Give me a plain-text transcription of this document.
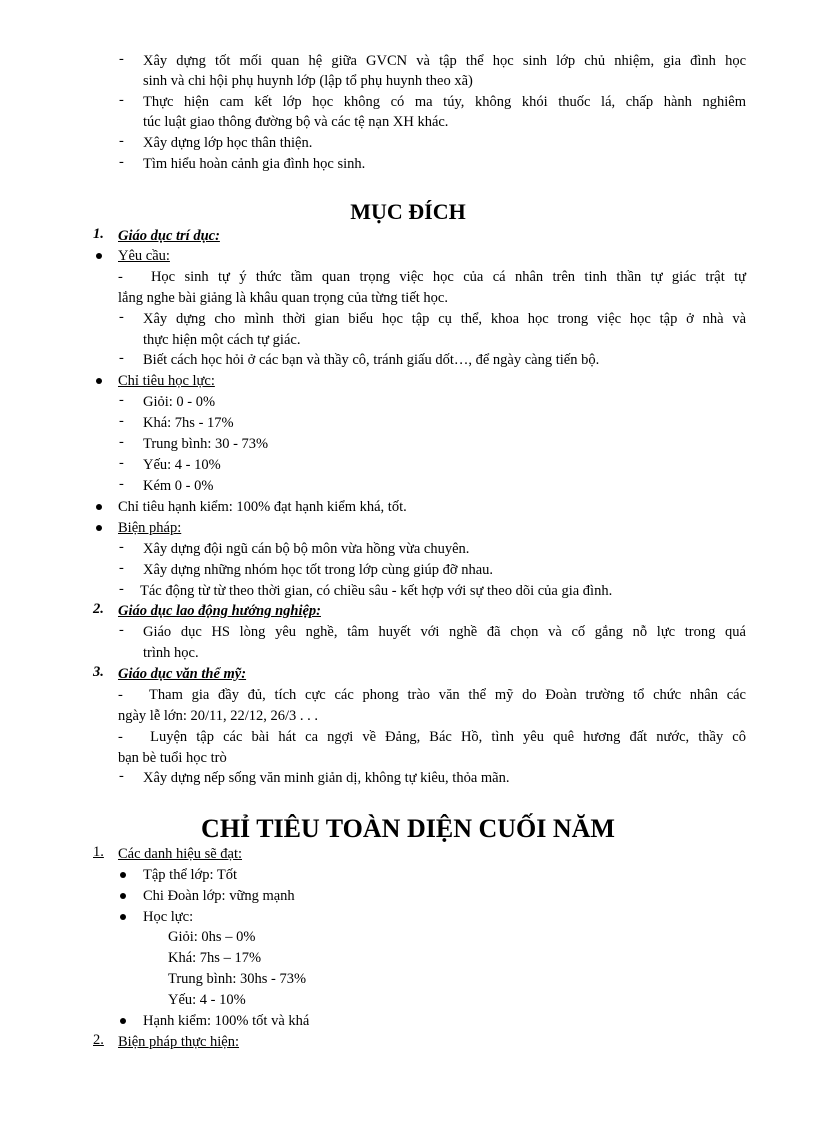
- Xây dựng tốt mối quan hệ giữa GVCN và tập thể học sinh lớp chủ nhiệm, gia đình học
sinh và chi hội phụ huynh lớp (lập tổ phụ huynh theo xã)
- Thực hiện cam kết lớp học không có ma túy, không khói thuốc lá, chấp hành nghiêm
túc luật giao thông đường bộ và các tệ nạn XH khác.
- Xây dựng lớp học thân thiện.
- Tìm hiểu hoàn cảnh gia đình học sinh.
MỤC ĐÍCH
1. Giáo dục trí dục:
Yêu cầu:
- Học sinh tự ý thức tầm quan trọng việc học của cá nhân trên tinh thần tự giác trật tự
lắng nghe bài giảng là khâu quan trọng của từng tiết học.
- Xây dựng cho mình thời gian biểu học tập cụ thể, khoa học trong việc học tập ở nhà và
thực hiện một cách tự giác.
- Biết cách học hỏi ở các bạn và thầy cô, tránh giấu dốt…, để ngày càng tiến bộ.
Chỉ tiêu học lực:
- Giỏi: 0 - 0%
- Khá: 7hs - 17%
- Trung bình: 30 - 73%
- Yếu: 4 - 10%
- Kém 0 - 0%
Chỉ tiêu hạnh kiểm: 100% đạt hạnh kiểm khá, tốt.
Biện pháp:
- Xây dựng đội ngũ cán bộ bộ môn vừa hồng vừa chuyên.
- Xây dựng những nhóm học tốt trong lớp cùng giúp đỡ nhau.
- Tác động từ từ theo thời gian, có chiều sâu - kết hợp với sự theo dõi của gia đình.
2. Giáo dục lao động hướng nghiệp:
- Giáo dục HS lòng yêu nghề, tâm huyết với nghề đã chọn và cố gắng nỗ lực trong quá
trình học.
3. Giáo dục văn thể mỹ:
- Tham gia đầy đủ, tích cực các phong trào văn thể mỹ do Đoàn trường tổ chức nhân các
ngày lễ lớn: 20/11, 22/12, 26/3 . . .
- Luyện tập các bài hát ca ngợi về Đảng, Bác Hồ, tình yêu quê hương đất nước, thầy cô
bạn bè tuổi học trò
- Xây dựng nếp sống văn minh giản dị, không tự kiêu, thỏa mãn.
CHỈ TIÊU TOÀN DIỆN CUỐI NĂM
1. Các danh hiệu sẽ đạt:
Tập thể lớp: Tốt
Chi Đoàn lớp: vững mạnh
Học lực:
Giỏi: 0hs – 0%
Khá: 7hs – 17%
Trung bình: 30hs - 73%
Yếu: 4 - 10%
Hạnh kiểm: 100% tốt và khá
2. Biện pháp thực hiện:
